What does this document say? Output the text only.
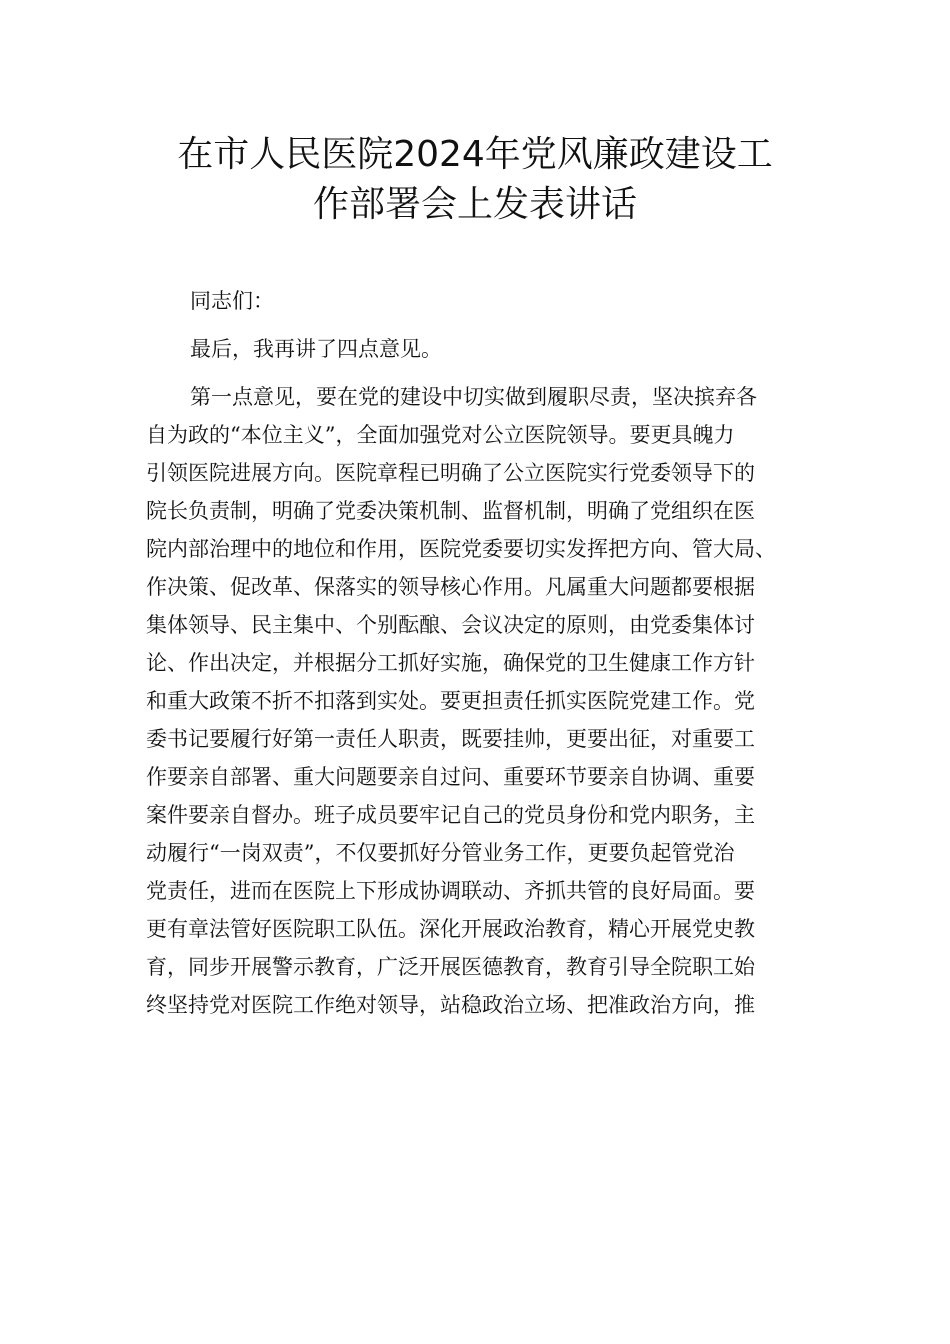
在市人民医院2024年党风廉政建设工
作部署会上发表讲话
同志们：
最后，我再讲了四点意见。
第一点意见，要在党的建设中切实做到履职尽责，坚决摈弃各
自为政的“本位主义”，全面加强党对公立医院领导。要更具魄力
引领医院进展方向。医院章程已明确了公立医院实行党委领导下的
院长负责制，明确了党委决策机制、监督机制，明确了党组织在医
院内部治理中的地位和作用，医院党委要切实发挥把方向、管大局、
作决策、促改革、保落实的领导核心作用。凡属重大问题都要根据
集体领导、民主集中、个别酝酿、会议决定的原则，由党委集体讨
论、作出决定，并根据分工抓好实施，确保党的卫生健康工作方针
和重大政策不折不扣落到实处。要更担责任抓实医院党建工作。党
委书记要履行好第一责任人职责，既要挂帅，更要出征，对重要工
作要亲自部署、重大问题要亲自过问、重要环节要亲自协调、重要
案件要亲自督办。班子成员要牢记自己的党员身份和党内职务，主
动履行“一岗双责”，不仅要抓好分管业务工作，更要负起管党治
党责任，进而在医院上下形成协调联动、齐抓共管的良好局面。要
更有章法管好医院职工队伍。深化开展政治教育，精心开展党史教
育，同步开展警示教育，广泛开展医德教育，教育引导全院职工始
终坚持党对医院工作绝对领导，站稳政治立场、把准政治方向，推
